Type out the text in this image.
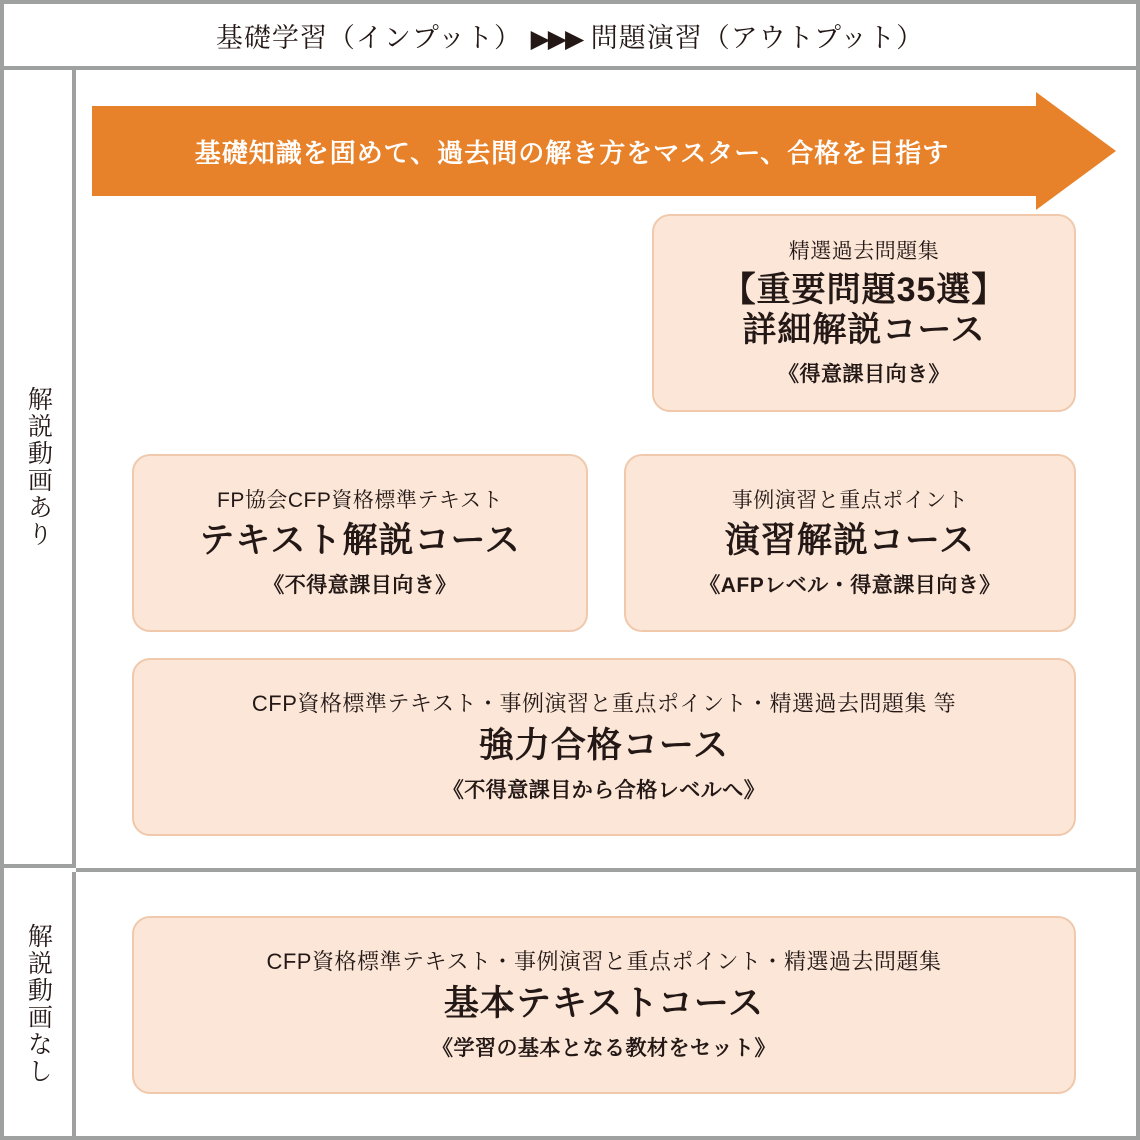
基礎学習（インプット） ▶▶▶ 問題演習（アウトプット）
解説動画あり
解説動画なし
基礎知識を固めて、過去問の解き方をマスター、合格を目指す
精選過去問題集
【重要問題35選】
詳細解説コース
《得意課目向き》
FP協会CFP資格標準テキスト
テキスト解説コース
《不得意課目向き》
事例演習と重点ポイント
演習解説コース
《AFPレベル・得意課目向き》
CFP資格標準テキスト・事例演習と重点ポイント・精選過去問題集 等
強力合格コース
《不得意課目から合格レベルへ》
CFP資格標準テキスト・事例演習と重点ポイント・精選過去問題集
基本テキストコース
《学習の基本となる教材をセット》
